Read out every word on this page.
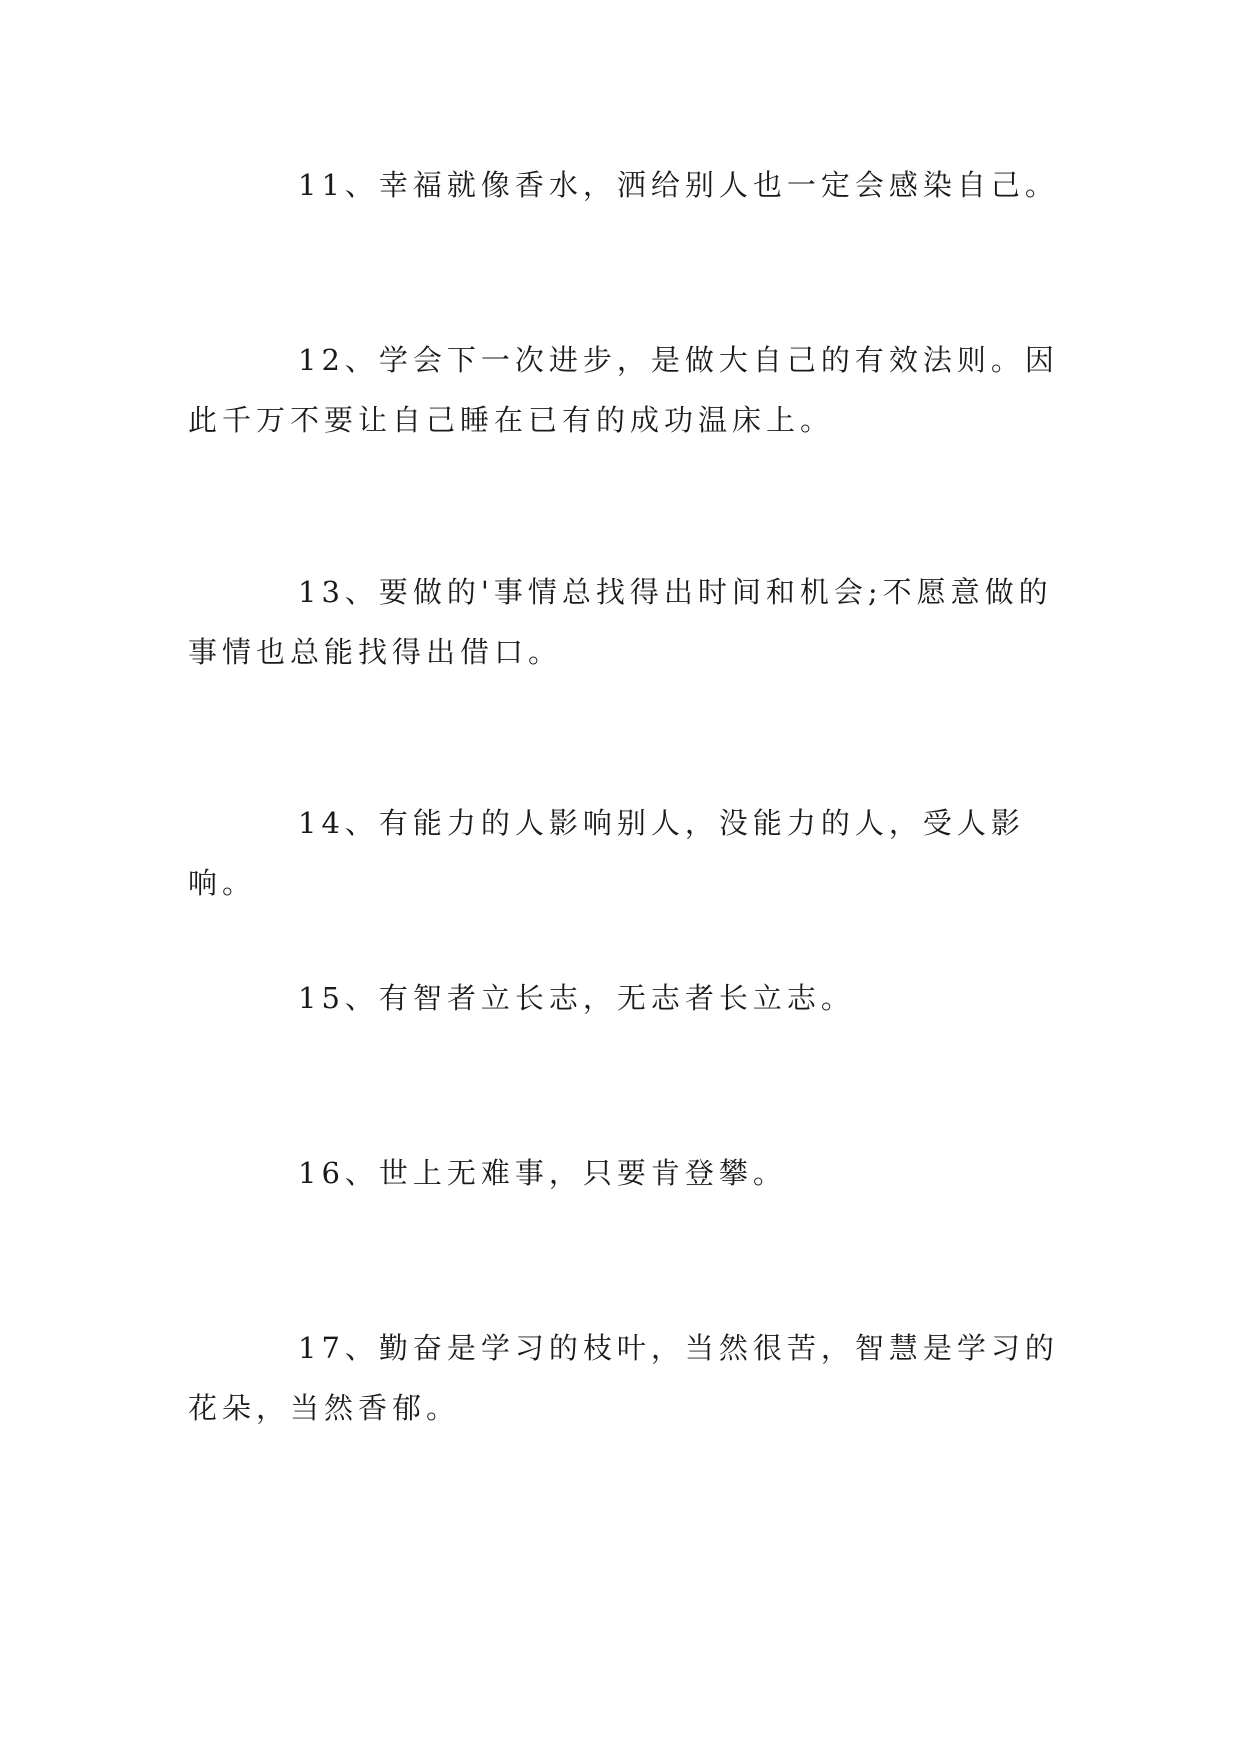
11、幸福就像香水，洒给别人也一定会感染自己。

12、学会下一次进步，是做大自己的有效法则。因此千万不要让自己睡在已有的成功温床上。

13、要做的'事情总找得出时间和机会;不愿意做的事情也总能找得出借口。

14、有能力的人影响别人，没能力的人，受人影响。

15、有智者立长志，无志者长立志。

16、世上无难事，只要肯登攀。

17、勤奋是学习的枝叶，当然很苦，智慧是学习的花朵，当然香郁。
